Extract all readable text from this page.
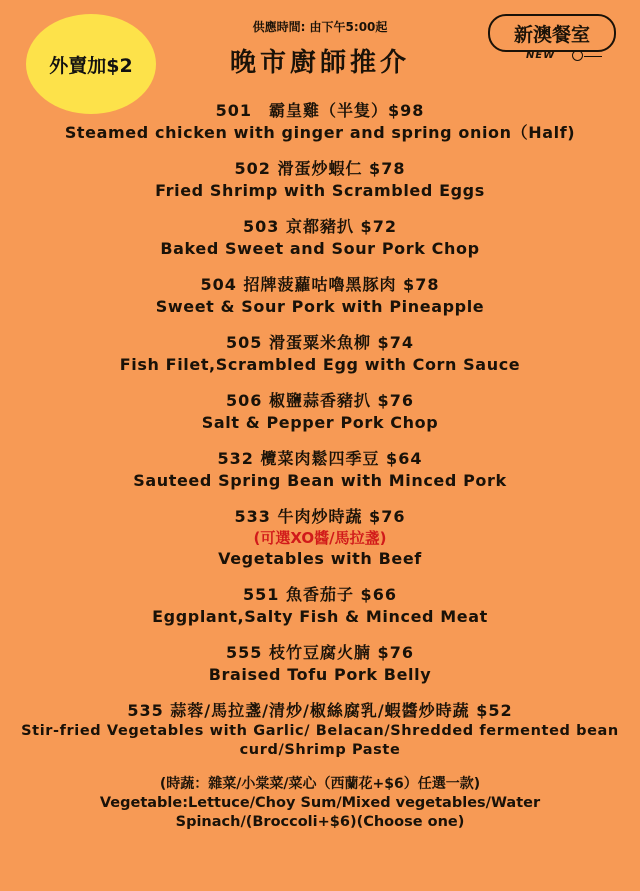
外賣加$2
供應時間: 由下午5:00起
晚市廚師推介
新澳餐室
NEW
501　霸皇雞（半隻）$98
Steamed chicken with ginger and spring onion（Half)
502 滑蛋炒蝦仁 $78
Fried Shrimp with Scrambled Eggs
503 京都豬扒 $72
Baked Sweet and Sour Pork Chop
504 招牌菠蘿咕嚕黑豚肉 $78
Sweet & Sour Pork with Pineapple
505 滑蛋粟米魚柳 $74
Fish Filet,Scrambled Egg with Corn Sauce
506 椒鹽蒜香豬扒 $76
Salt & Pepper Pork Chop
532 欖菜肉鬆四季豆 $64
Sauteed Spring Bean with Minced Pork
533 牛肉炒時蔬 $76
(可選XO醬/馬拉盞)
Vegetables with Beef
551 魚香茄子 $66
Eggplant,Salty Fish & Minced Meat
555 枝竹豆腐火腩 $76
Braised Tofu Pork Belly
535 蒜蓉/馬拉盞/清炒/椒絲腐乳/蝦醬炒時蔬 $52
Stir-fried Vegetables with Garlic/ Belacan/Shredded fermented bean curd/Shrimp Paste
(時蔬：雜菜/小棠菜/菜心（西蘭花+$6）任選一款)
Vegetable:Lettuce/Choy Sum/Mixed vegetables/Water Spinach/(Broccoli+$6)(Choose one)
